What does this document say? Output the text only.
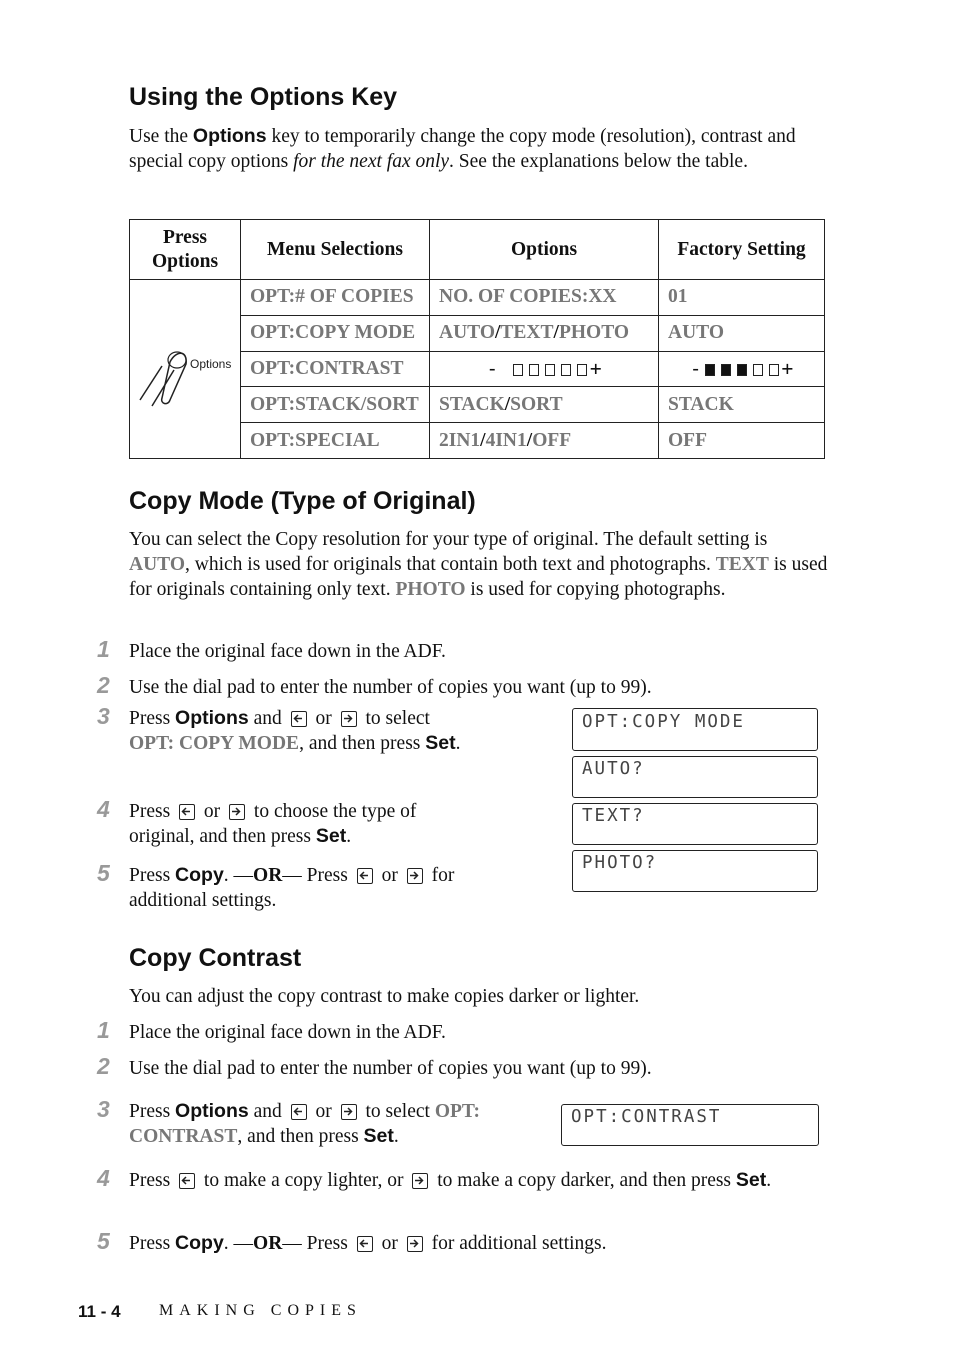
Using the Options Key
Use the Options key to temporarily change the copy mode (resolution), contrast and special copy options for the next fax only. See the explanations below the table.
Press Options	Menu Selections	Options	Factory Setting

Options	OPT:# OF COPIES	NO. OF COPIES:XX	01
	OPT:COPY MODE	AUTO/TEXT/PHOTO	AUTO
	OPT:CONTRAST	- +	- +
	OPT:STACK/SORT	STACK/SORT	STACK
	OPT:SPECIAL	2IN1/4IN1/OFF	OFF
Copy Mode (Type of Original)
You can select the Copy resolution for your type of original. The default setting is AUTO, which is used for originals that contain both text and photographs. TEXT is used for originals containing only text. PHOTO is used for copying photographs.
1 Place the original face down in the ADF.
2 Use the dial pad to enter the number of copies you want (up to 99).
3 Press Options and
or
to select OPT: COPY MODE, and then press Set.
4 Press
or
to choose the type of original, and then press Set.
5 Press Copy. —OR— Press
or
for additional settings.
OPT:COPY MODE
AUTO?
TEXT?
PHOTO?
Copy Contrast
You can adjust the copy contrast to make copies darker or lighter.
1 Place the original face down in the ADF.
2 Use the dial pad to enter the number of copies you want (up to 99).
3 Press Options and
or
to select OPT: CONTRAST, and then press Set.
OPT:CONTRAST
4 Press
to make a copy lighter, or
to make a copy darker, and then press Set.
5 Press Copy. —OR— Press
or
for additional settings.
11 - 4 MAKING COPIES
